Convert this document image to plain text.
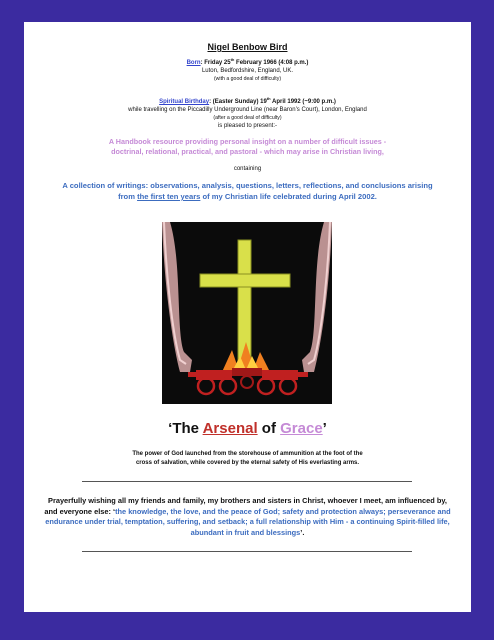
Nigel Benbow Bird
Born: Friday 25th February 1966 (4:08 p.m.)
Luton, Bedfordshire, England, UK.
(with a good deal of difficulty)
Spiritual Birthday: (Easter Sunday) 19th April 1992 (~9:00 p.m.)
while travelling on the Piccadilly Underground Line (near Baron’s Court), London, England
(after a good deal of difficulty)
is pleased to present:-
A Handbook resource providing personal insight on a number of difficult issues -
doctrinal, relational, practical, and pastoral - which may arise in Christian living,
containing
A collection of writings: observations, analysis, questions, letters, reflections, and conclusions arising
from the first ten years of my Christian life celebrated during April 2002.
‘The Arsenal of Grace’
The power of God launched from the storehouse of ammunition at the foot of the
cross of salvation, while covered by the eternal safety of His everlasting arms.
Prayerfully wishing all my friends and family, my brothers and sisters in Christ, whoever I meet, am influenced by, and everyone else: ‘the knowledge, the love, and the peace of God; safety and protection always; perseverance and endurance under trial, temptation, suffering, and setback; a full relationship with Him - a continuing Spirit-filled life, abundant in fruit and blessings’.
